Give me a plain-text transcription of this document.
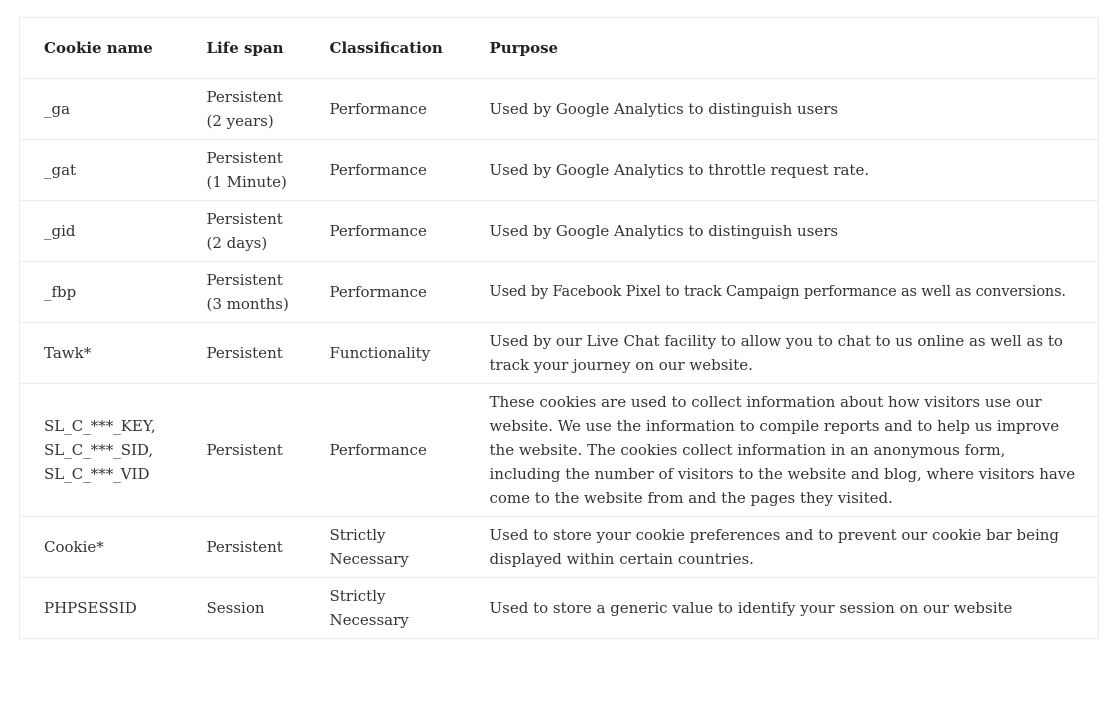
Cookie name	Life span	Classification	Purpose
_ga	Persistent (2 years)	Performance	Used by Google Analytics to distinguish users
_gat	Persistent (1 Minute)	Performance	Used by Google Analytics to throttle request rate.
_gid	Persistent (2 days)	Performance	Used by Google Analytics to distinguish users
_fbp	Persistent (3 months)	Performance	Used by Facebook Pixel to track Campaign performance as well as conversions.
Tawk*	Persistent	Functionality	Used by our Live Chat facility to allow you to chat to us online as well as to track your journey on our website.
SL_C_***_KEY, SL_C_***_SID, SL_C_***_VID	Persistent	Performance	These cookies are used to collect information about how visitors use our website. We use the information to compile reports and to help us improve the website. The cookies collect information in an anonymous form, including the number of visitors to the website and blog, where visitors have come to the website from and the pages they visited.
Cookie*	Persistent	Strictly Necessary	Used to store your cookie preferences and to prevent our cookie bar being displayed within certain countries.
PHPSESSID	Session	Strictly Necessary	Used to store a generic value to identify your session on our website
